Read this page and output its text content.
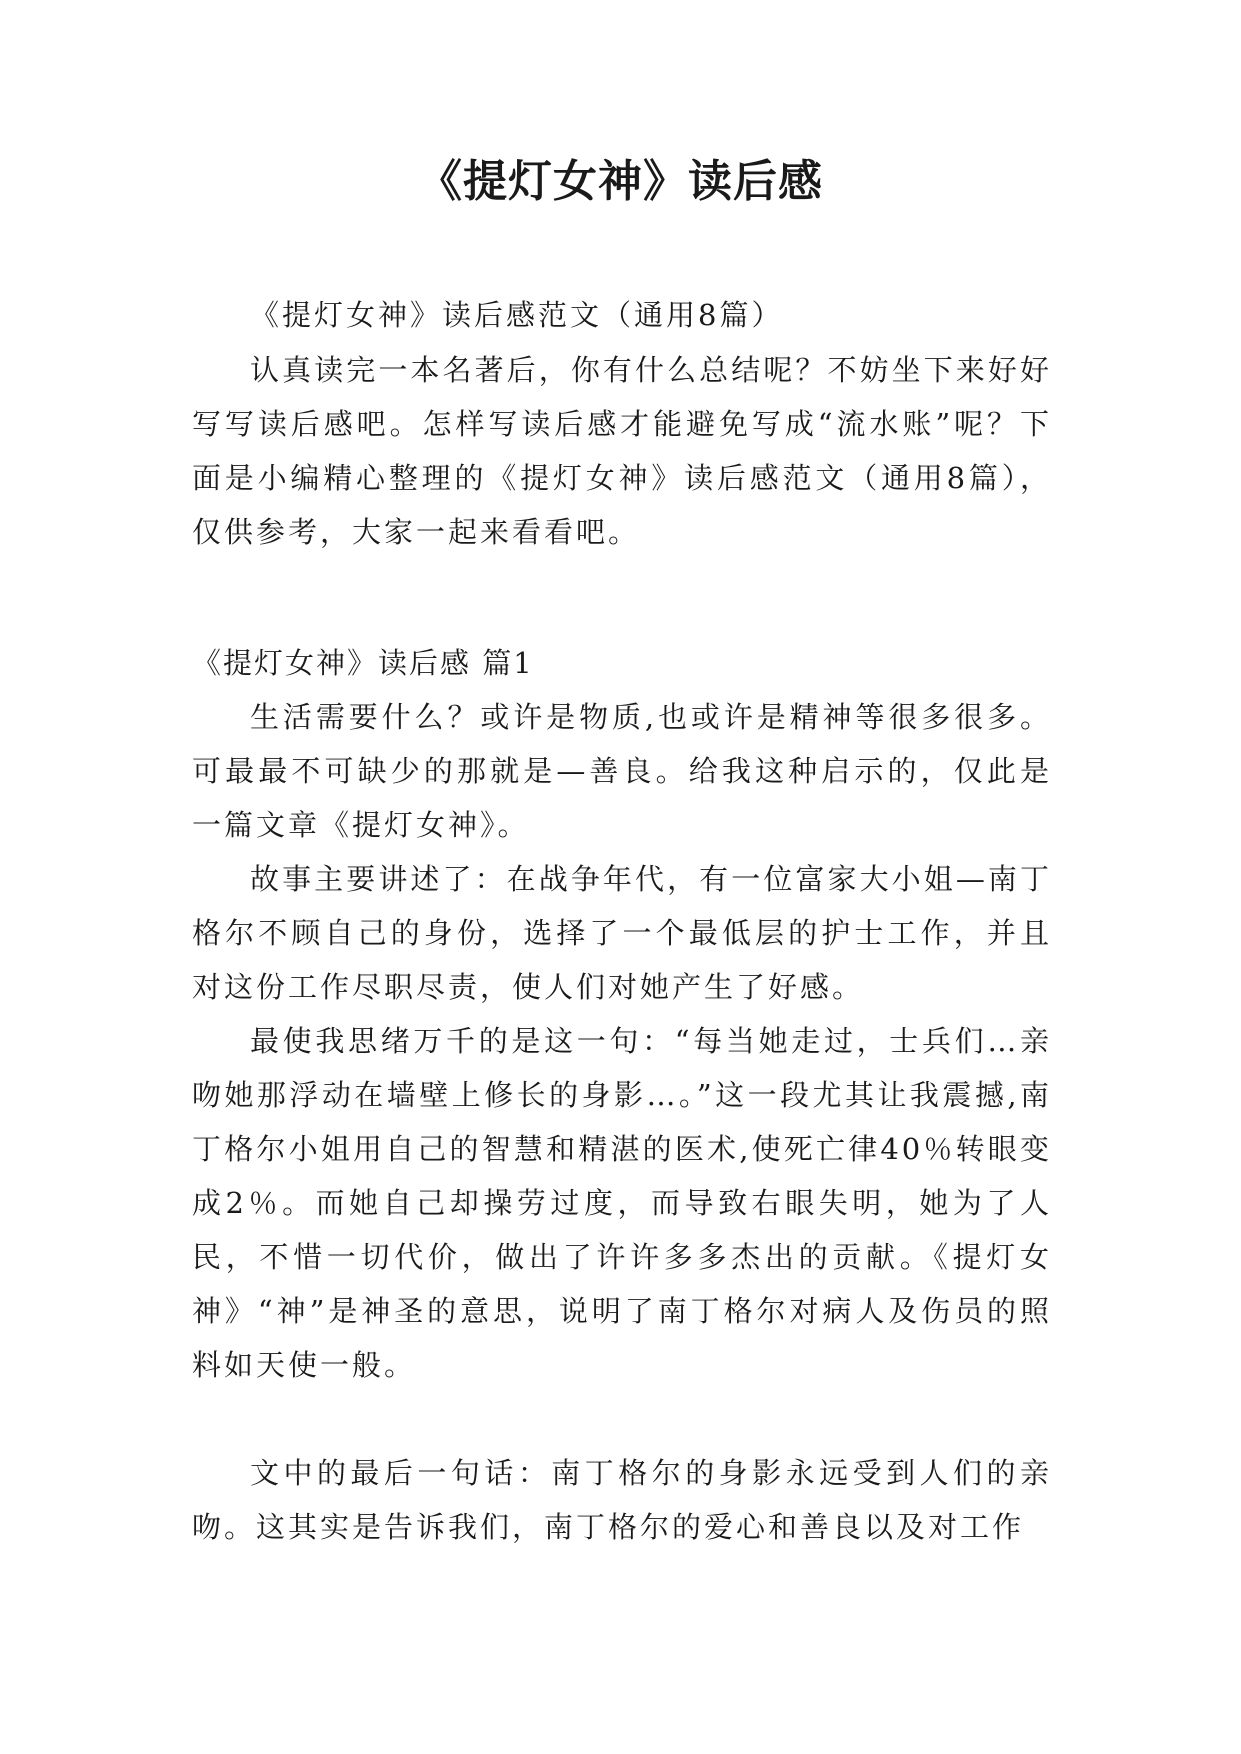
《提灯女神》读后感

《提灯女神》读后感范文（通用8篇）

认真读完一本名著后，你有什么总结呢？不妨坐下来好好写写读后感吧。怎样写读后感才能避免写成“流水账”呢？下面是小编精心整理的《提灯女神》读后感范文（通用8篇），仅供参考，大家一起来看看吧。

《提灯女神》读后感 篇1

生活需要什么？或许是物质,也或许是精神等很多很多。可最最不可缺少的那就是—善良。给我这种启示的，仅此是一篇文章《提灯女神》。

故事主要讲述了：在战争年代，有一位富家大小姐—南丁格尔不顾自己的身份，选择了一个最低层的护士工作，并且对这份工作尽职尽责，使人们对她产生了好感。

最使我思绪万千的是这一句：“每当她走过，士兵们…亲吻她那浮动在墙壁上修长的身影…。”这一段尤其让我震撼,南丁格尔小姐用自己的智慧和精湛的医术,使死亡律40％转眼变成2％。而她自己却操劳过度，而导致右眼失明，她为了人民，不惜一切代价，做出了许许多多杰出的贡献。《提灯女神》“神”是神圣的意思，说明了南丁格尔对病人及伤员的照料如天使一般。

文中的最后一句话：南丁格尔的身影永远受到人们的亲吻。这其实是告诉我们，南丁格尔的爱心和善良以及对工作
